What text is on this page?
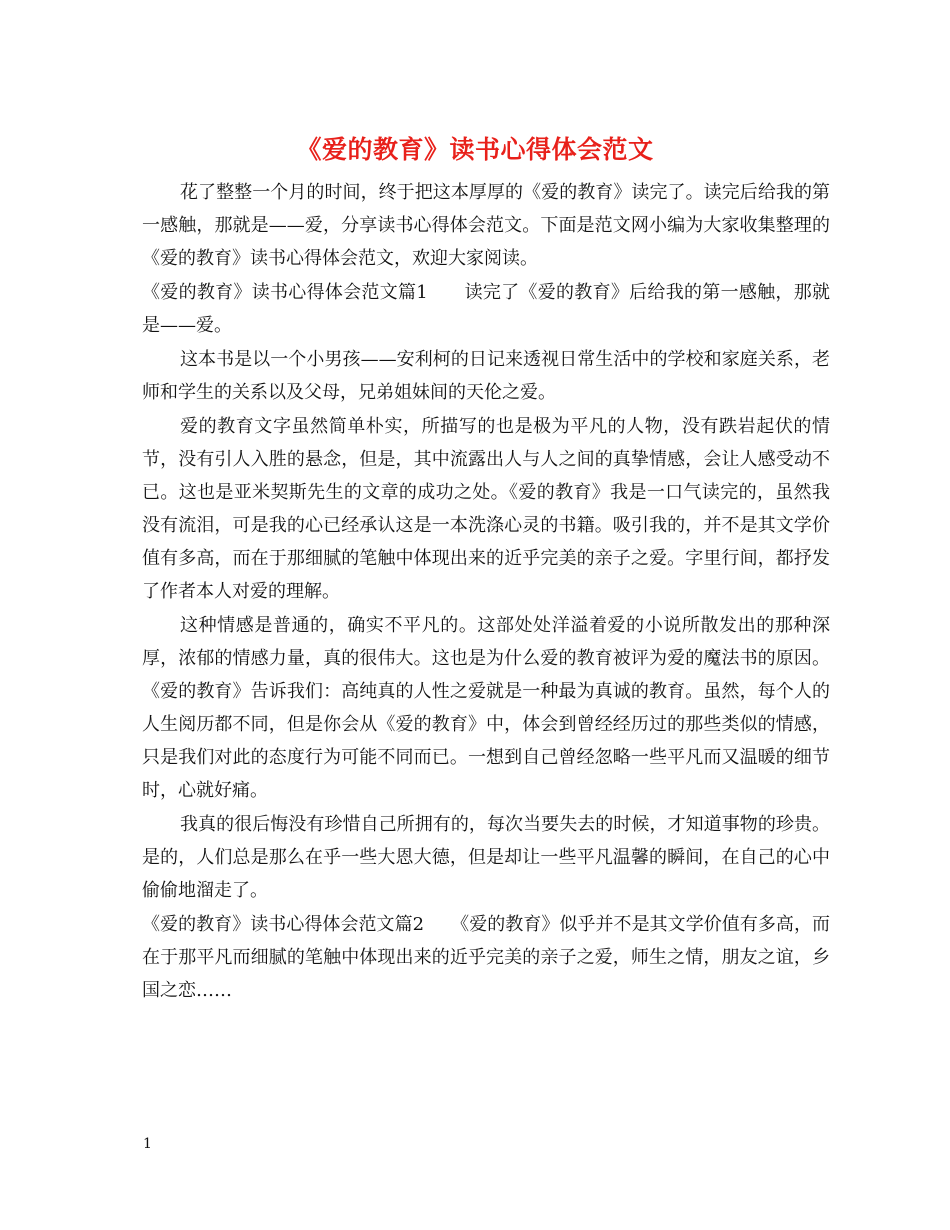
《爱的教育》读书心得体会范文

花了整整一个月的时间，终于把这本厚厚的《爱的教育》读完了。读完后给我的第一感触，那就是——爱，分享读书心得体会范文。下面是范文网小编为大家收集整理的《爱的教育》读书心得体会范文，欢迎大家阅读。

《爱的教育》读书心得体会范文篇1　　读完了《爱的教育》后给我的第一感触，那就是——爱。

这本书是以一个小男孩——安利柯的日记来透视日常生活中的学校和家庭关系，老师和学生的关系以及父母，兄弟姐妹间的天伦之爱。

爱的教育文字虽然简单朴实，所描写的也是极为平凡的人物，没有跌岩起伏的情节，没有引人入胜的悬念，但是，其中流露出人与人之间的真挚情感，会让人感受动不已。这也是亚米契斯先生的文章的成功之处。《爱的教育》我是一口气读完的，虽然我没有流泪，可是我的心已经承认这是一本洗涤心灵的书籍。吸引我的，并不是其文学价值有多高，而在于那细腻的笔触中体现出来的近乎完美的亲子之爱。字里行间，都抒发了作者本人对爱的理解。

这种情感是普通的，确实不平凡的。这部处处洋溢着爱的小说所散发出的那种深厚，浓郁的情感力量，真的很伟大。这也是为什么爱的教育被评为爱的魔法书的原因。《爱的教育》告诉我们：高纯真的人性之爱就是一种最为真诚的教育。虽然，每个人的人生阅历都不同，但是你会从《爱的教育》中，体会到曾经经历过的那些类似的情感，只是我们对此的态度行为可能不同而已。一想到自己曾经忽略一些平凡而又温暖的细节时，心就好痛。

我真的很后悔没有珍惜自己所拥有的，每次当要失去的时候，才知道事物的珍贵。是的，人们总是那么在乎一些大恩大德，但是却让一些平凡温馨的瞬间，在自己的心中偷偷地溜走了。

《爱的教育》读书心得体会范文篇2　　《爱的教育》似乎并不是其文学价值有多高，而在于那平凡而细腻的笔触中体现出来的近乎完美的亲子之爱，师生之情，朋友之谊，乡国之恋……

1
